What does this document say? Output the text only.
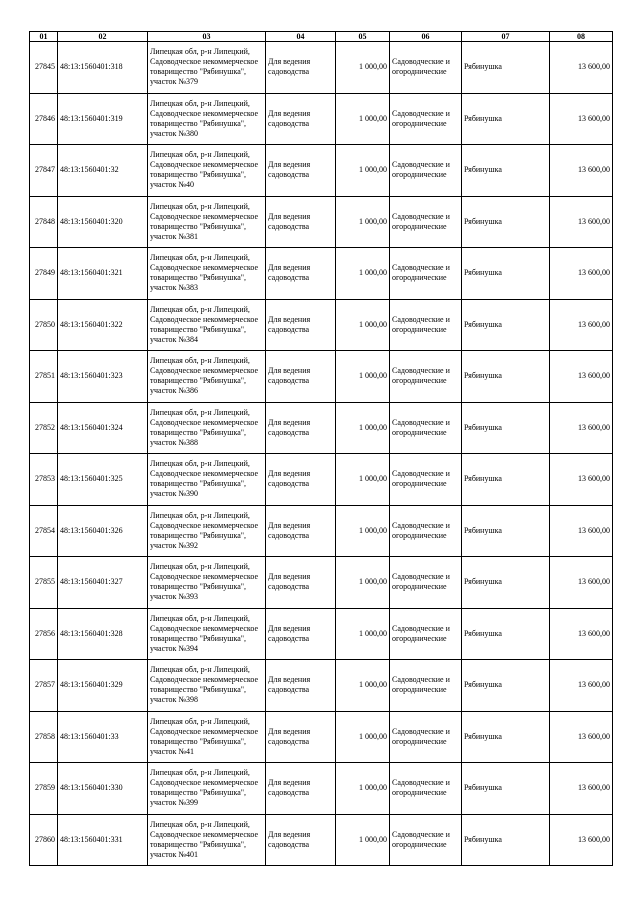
01	02	03	04	05	06	07	08
27845	48:13:1560401:318	Липецкая обл, р-н Липецкий, Садоводческое некоммерческое товарищество "Рябинушка", участок №379	Для ведения садоводства	1 000,00	Садоводческие и огороднические	Рябинушка	13 600,00
27846	48:13:1560401:319	Липецкая обл, р-н Липецкий, Садоводческое некоммерческое товарищество "Рябинушка", участок №380	Для ведения садоводства	1 000,00	Садоводческие и огороднические	Рябинушка	13 600,00
27847	48:13:1560401:32	Липецкая обл, р-н Липецкий, Садоводческое некоммерческое товарищество "Рябинушка", участок №40	Для ведения садоводства	1 000,00	Садоводческие и огороднические	Рябинушка	13 600,00
27848	48:13:1560401:320	Липецкая обл, р-н Липецкий, Садоводческое некоммерческое товарищество "Рябинушка", участок №381	Для ведения садоводства	1 000,00	Садоводческие и огороднические	Рябинушка	13 600,00
27849	48:13:1560401:321	Липецкая обл, р-н Липецкий, Садоводческое некоммерческое товарищество "Рябинушка", участок №383	Для ведения садоводства	1 000,00	Садоводческие и огороднические	Рябинушка	13 600,00
27850	48:13:1560401:322	Липецкая обл, р-н Липецкий, Садоводческое некоммерческое товарищество "Рябинушка", участок №384	Для ведения садоводства	1 000,00	Садоводческие и огороднические	Рябинушка	13 600,00
27851	48:13:1560401:323	Липецкая обл, р-н Липецкий, Садоводческое некоммерческое товарищество "Рябинушка", участок №386	Для ведения садоводства	1 000,00	Садоводческие и огороднические	Рябинушка	13 600,00
27852	48:13:1560401:324	Липецкая обл, р-н Липецкий, Садоводческое некоммерческое товарищество "Рябинушка", участок №388	Для ведения садоводства	1 000,00	Садоводческие и огороднические	Рябинушка	13 600,00
27853	48:13:1560401:325	Липецкая обл, р-н Липецкий, Садоводческое некоммерческое товарищество "Рябинушка", участок №390	Для ведения садоводства	1 000,00	Садоводческие и огороднические	Рябинушка	13 600,00
27854	48:13:1560401:326	Липецкая обл, р-н Липецкий, Садоводческое некоммерческое товарищество "Рябинушка", участок №392	Для ведения садоводства	1 000,00	Садоводческие и огороднические	Рябинушка	13 600,00
27855	48:13:1560401:327	Липецкая обл, р-н Липецкий, Садоводческое некоммерческое товарищество "Рябинушка", участок №393	Для ведения садоводства	1 000,00	Садоводческие и огороднические	Рябинушка	13 600,00
27856	48:13:1560401:328	Липецкая обл, р-н Липецкий, Садоводческое некоммерческое товарищество "Рябинушка", участок №394	Для ведения садоводства	1 000,00	Садоводческие и огороднические	Рябинушка	13 600,00
27857	48:13:1560401:329	Липецкая обл, р-н Липецкий, Садоводческое некоммерческое товарищество "Рябинушка", участок №398	Для ведения садоводства	1 000,00	Садоводческие и огороднические	Рябинушка	13 600,00
27858	48:13:1560401:33	Липецкая обл, р-н Липецкий, Садоводческое некоммерческое товарищество "Рябинушка", участок №41	Для ведения садоводства	1 000,00	Садоводческие и огороднические	Рябинушка	13 600,00
27859	48:13:1560401:330	Липецкая обл, р-н Липецкий, Садоводческое некоммерческое товарищество "Рябинушка", участок №399	Для ведения садоводства	1 000,00	Садоводческие и огороднические	Рябинушка	13 600,00
27860	48:13:1560401:331	Липецкая обл, р-н Липецкий, Садоводческое некоммерческое товарищество "Рябинушка", участок №401	Для ведения садоводства	1 000,00	Садоводческие и огороднические	Рябинушка	13 600,00
